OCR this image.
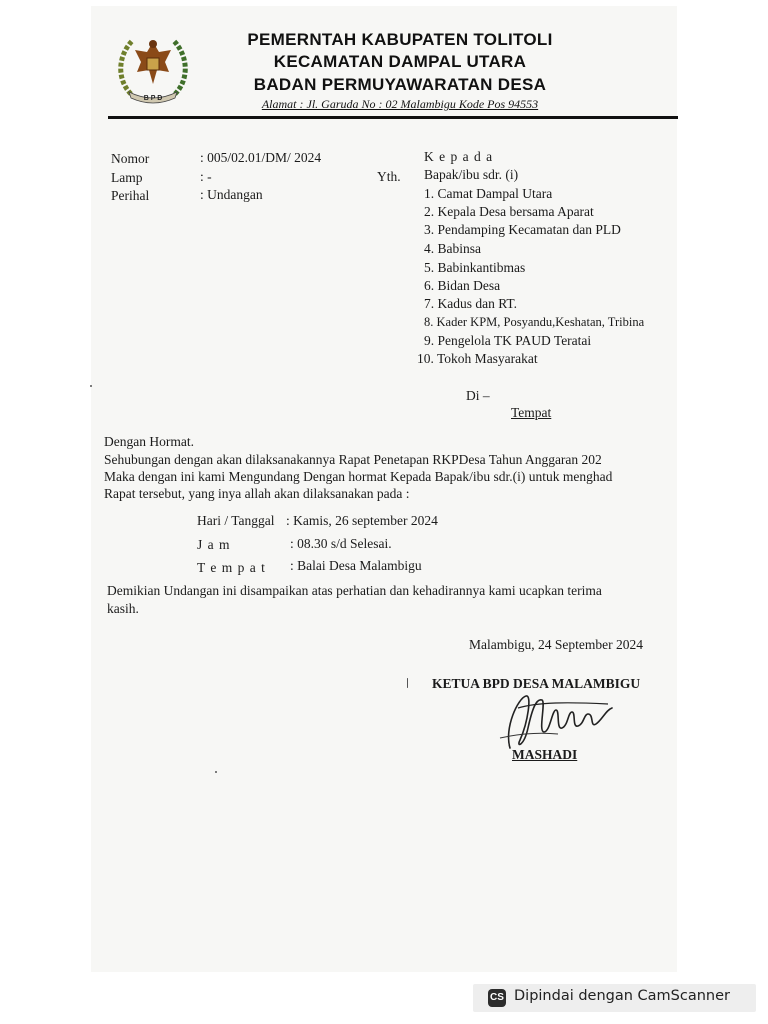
B P D
PEMERNTAH KABUPATEN TOLITOLI
KECAMATAN DAMPAL UTARA
BADAN PERMUYAWARATAN DESA
Alamat : Jl. Garuda No : 02 Malambigu Kode Pos 94553
Nomor	: 005/02.01/DM/ 2024
Lamp	: -
Perihal	: Undangan
K e p a d a
Yth. Bapak/ibu sdr. (i)
1. Camat Dampal Utara
2. Kepala Desa bersama Aparat
3. Pendamping Kecamatan dan PLD
4. Babinsa
5. Babinkantibmas
6. Bidan Desa
7. Kadus dan RT.
8. Kader KPM, Posyandu,Keshatan, Tribina
9. Pengelola TK PAUD Teratai
10. Tokoh Masyarakat
Di –
Tempat
Dengan Hormat.
Sehubungan dengan akan dilaksanakannya Rapat Penetapan RKPDesa Tahun Anggaran 202
Maka dengan ini kami Mengundang Dengan hormat Kepada Bapak/ibu sdr.(i) untuk menghad
Rapat tersebut, yang inya allah akan dilaksanakan pada :
Hari / Tanggal : Kamis, 26 september 2024
J a m	: 08.30 s/d Selesai.
T e m p a t : Balai Desa Malambigu
Demikian Undangan ini disampaikan atas perhatian dan kehadirannya kami ucapkan terima
kasih.
Malambigu, 24 September 2024
KETUA BPD DESA MALAMBIGU
MASHADI
CS Dipindai dengan CamScanner
